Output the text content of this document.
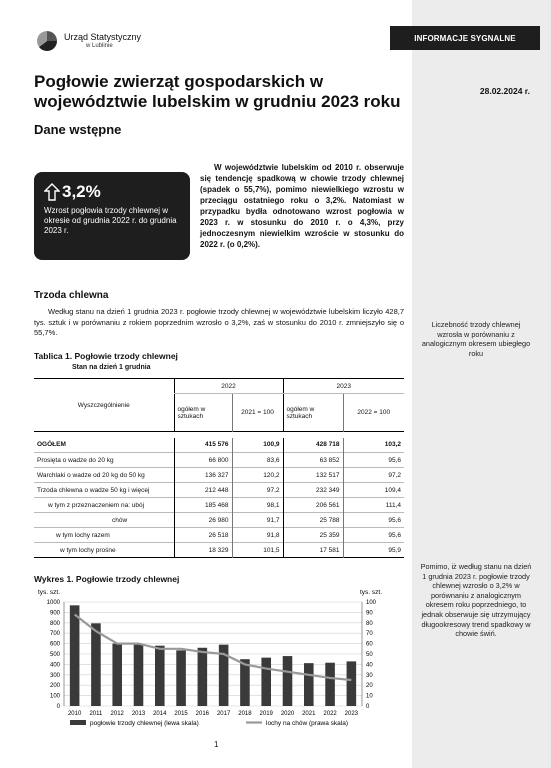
INFORMACJE SYGNALNE
28.02.2024 r.
Urząd Statystyczny
w Lublinie
Pogłowie zwierząt gospodarskich w województwie lubelskim w grudniu 2023 roku
Dane wstępne
3,2%
Wzrost pogłowia trzody chlewnej w okresie od grudnia 2022 r. do grudnia 2023 r.
W województwie lubelskim od 2010 r. obserwuje się tendencję spadkową w chowie trzody chlewnej (spadek o 55,7%), pomimo niewielkiego wzrostu w przeciągu ostatniego roku o 3,2%. Natomiast w przypadku bydła odnotowano wzrost pogłowia w 2023 r. w stosunku do 2010 r. o 4,3%, przy jednoczesnym niewielkim wzroście w stosunku do 2022 r. (o 0,2%).
Trzoda chlewna
Według stanu na dzień 1 grudnia 2023 r. pogłowie trzody chlewnej w województwie lubelskim liczyło 428,7 tys. sztuk i w porównaniu z rokiem poprzednim wzrosło o 3,2%, zaś w stosunku do 2010 r. zmniejszyło się o 55,7%.
Liczebność trzody chlewnej wzrosła w porównaniu z analogicznym okresem ubiegłego roku
Pomimo, iż według stanu na dzień 1 grudnia 2023 r. pogłowie trzody chlewnej wzrosło o 3,2% w porównaniu z analogicznym okresem roku poprzedniego, to jednak obserwuje się utrzymujący długookresowy trend spadkowy w chowie świń.
Tablica 1. Pogłowie trzody chlewnej
Stan na dzień 1 grudnia
Wyszczególnienie	2022		2023	
	ogółem w sztukach	2021 = 100	ogółem w sztukach	2022 = 100

OGÓŁEM	415 576	100,9	428 718	103,2
Prosięta o wadze do 20 kg	66 800	83,6	63 852	95,6
Warchlaki o wadze od 20 kg do 50 kg	136 327	120,2	132 517	97,2
Trzoda chlewna o wadze 50 kg i więcej	212 448	97,2	232 349	109,4
w tym z przeznaczeniem na: ubój	185 468	98,1	206 561	111,4
chów	26 980	91,7	25 788	95,6
w tym lochy razem	26 518	91,8	25 359	95,6
w tym lochy prośne	18 329	101,5	17 581	95,9
Wykres 1. Pogłowie trzody chlewnej
tys. szt.	tys. szt.
0
100
200
300
400
500
600
700
800
900
1000
0
10
20
30
40
50
60
70
80
90
100
2010 2011 2012 2013 2014 2015 2016 2017 2018 2019 2020 2021 2022 2023
pogłowie trzody chlewnej (lewa skala)	lochy na chów (prawa skala)
1
